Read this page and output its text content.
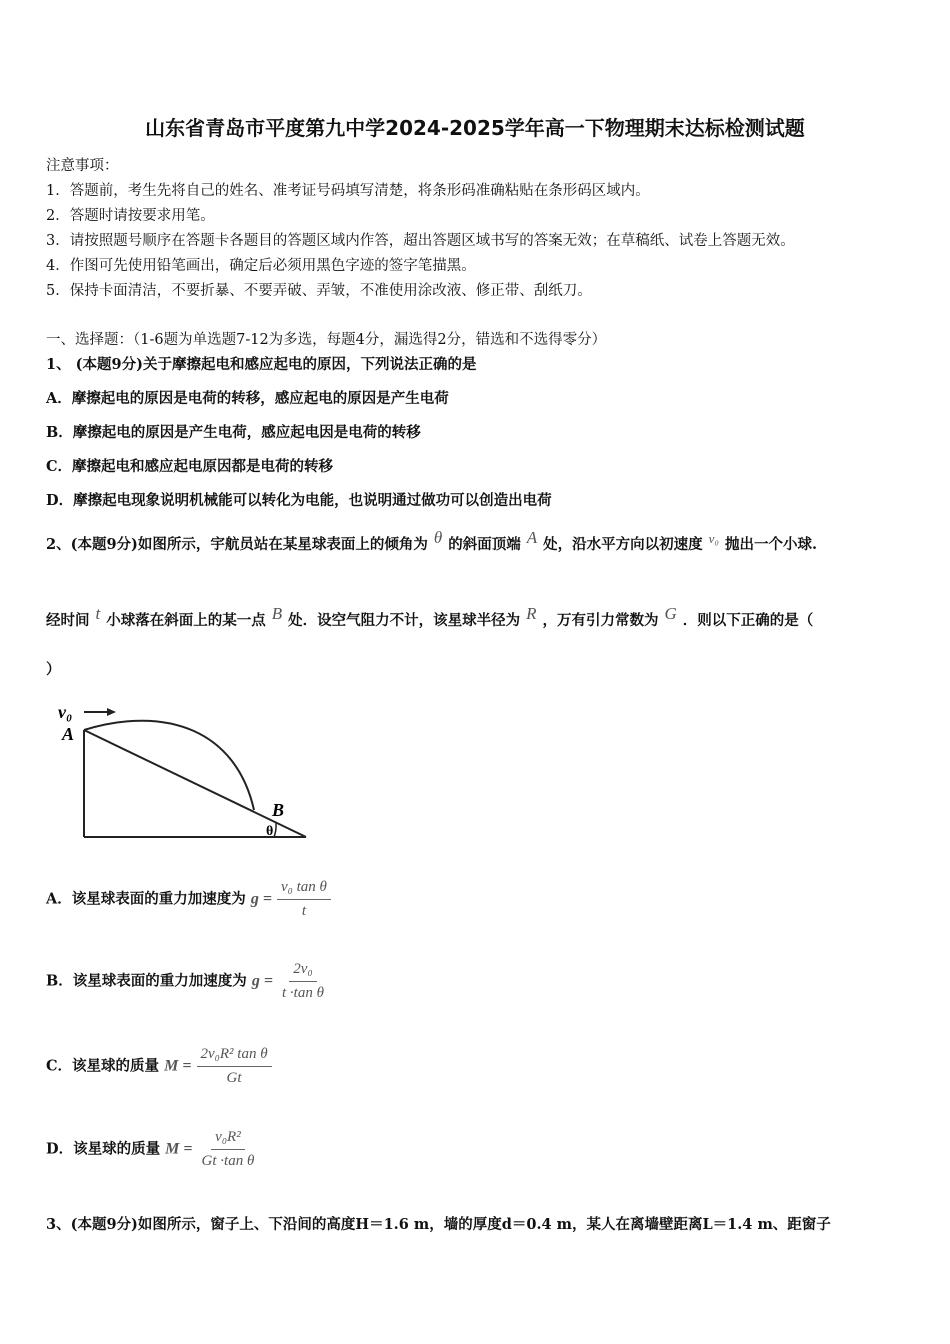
山东省青岛市平度第九中学2024-2025学年高一下物理期末达标检测试题
注意事项：
1．答题前，考生先将自己的姓名、准考证号码填写清楚，将条形码准确粘贴在条形码区域内。
2．答题时请按要求用笔。
3．请按照题号顺序在答题卡各题目的答题区域内作答，超出答题区域书写的答案无效；在草稿纸、试卷上答题无效。
4．作图可先使用铅笔画出，确定后必须用黑色字迹的签字笔描黑。
5．保持卡面清洁，不要折暴、不要弄破、弄皱，不准使用涂改液、修正带、刮纸刀。
一、选择题：（1-6题为单选题7-12为多选，每题4分，漏选得2分，错选和不选得零分）
1、 (本题9分)关于摩擦起电和感应起电的原因，下列说法正确的是
A．摩擦起电的原因是电荷的转移，感应起电的原因是产生电荷
B．摩擦起电的原因是产生电荷，感应起电因是电荷的转移
C．摩擦起电和感应起电原因都是电荷的转移
D．摩擦起电现象说明机械能可以转化为电能，也说明通过做功可以创造出电荷
2、(本题9分)如图所示，宇航员站在某星球表面上的倾角为 θ 的斜面顶端 A 处，沿水平方向以初速度 v₀ 抛出一个小球.
经时间 t 小球落在斜面上的某一点 B 处．设空气阻力不计，该星球半径为 R ，万有引力常数为 G ．则以下正确的是（
）
v₀
A
B
θ
A．该星球表面的重力加速度为 $g = \frac{\text{v₀ tan θ}}{t}$
B．该星球表面的重力加速度为 $g = \frac{\text{2v₀}}{\text{t ·tan θ}}$
C．该星球的质量 $M = \frac{\text{2v₀R² tan θ}}{Gt}$
D．该星球的质量 $M = \frac{\text{v₀R²}}{\text{Gt ·tan θ}}$
3、(本题9分)如图所示，窗子上、下沿间的高度H＝1.6 m，墙的厚度d＝0.4 m，某人在离墙壁距离L＝1.4 m、距窗子
